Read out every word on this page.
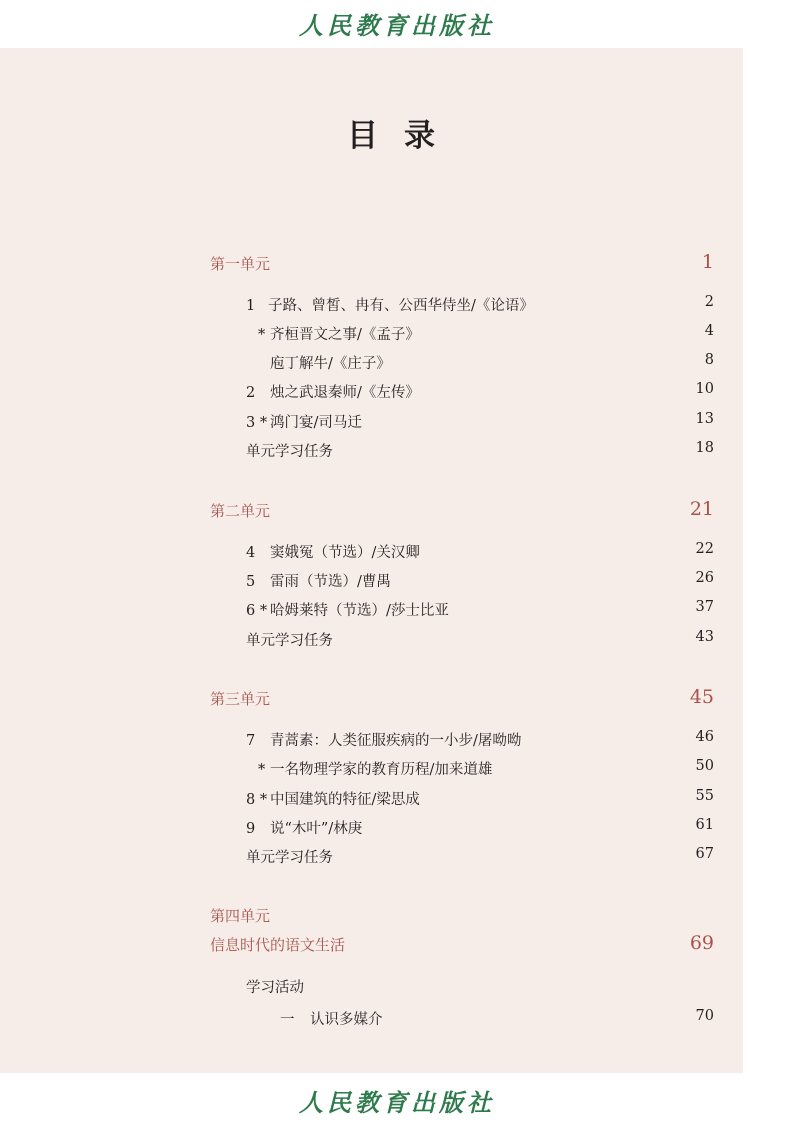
人民教育出版社
目录
第一单元	1
1 子路、曾皙、冉有、公西华侍坐/《论语》	2
* 齐桓晋文之事/《孟子》	4
庖丁解牛/《庄子》	8
2 烛之武退秦师/《左传》	10
3 * 鸿门宴/司马迁	13
单元学习任务	18
第二单元	21
4 窦娥冤（节选）/关汉卿	22
5 雷雨（节选）/曹禺	26
6 * 哈姆莱特（节选）/莎士比亚	37
单元学习任务	43
第三单元	45
7 青蒿素：人类征服疾病的一小步/屠呦呦	46
* 一名物理学家的教育历程/加来道雄	50
8 * 中国建筑的特征/梁思成	55
9 说“木叶”/林庚	61
单元学习任务	67
第四单元
信息时代的语文生活	69
学习活动
一 认识多媒介	70
人民教育出版社
